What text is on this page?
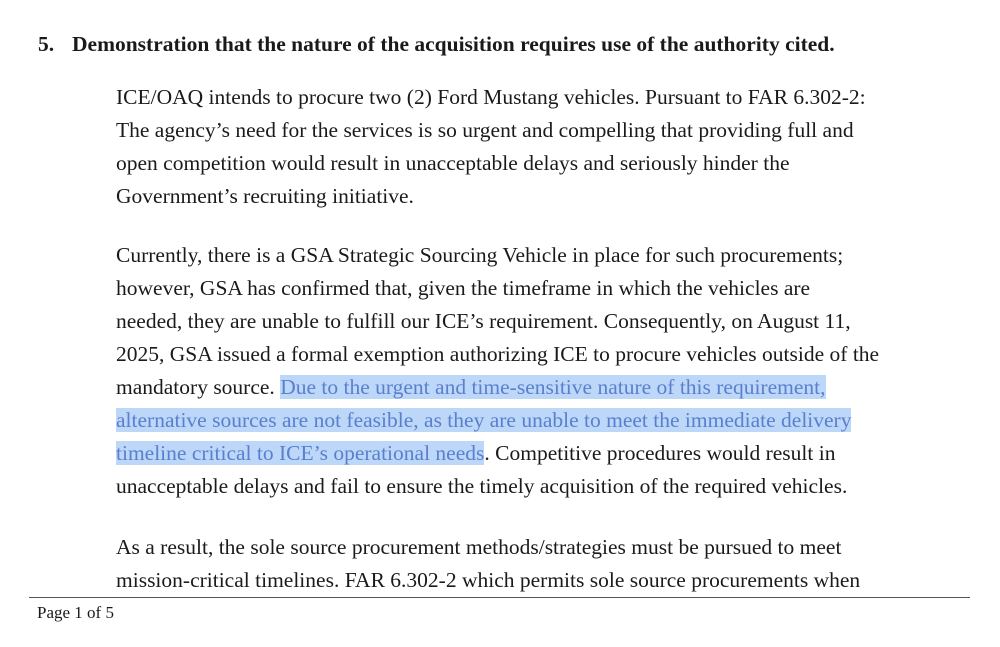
5. Demonstration that the nature of the acquisition requires use of the authority cited.

ICE/OAQ intends to procure two (2) Ford Mustang vehicles. Pursuant to FAR 6.302-2:
The agency’s need for the services is so urgent and compelling that providing full and
open competition would result in unacceptable delays and seriously hinder the
Government’s recruiting initiative.

Currently, there is a GSA Strategic Sourcing Vehicle in place for such procurements;
however, GSA has confirmed that, given the timeframe in which the vehicles are
needed, they are unable to fulfill our ICE’s requirement. Consequently, on August 11,
2025, GSA issued a formal exemption authorizing ICE to procure vehicles outside of the
mandatory source. Due to the urgent and time-sensitive nature of this requirement,
alternative sources are not feasible, as they are unable to meet the immediate delivery
timeline critical to ICE’s operational needs. Competitive procedures would result in
unacceptable delays and fail to ensure the timely acquisition of the required vehicles.

As a result, the sole source procurement methods/strategies must be pursued to meet
mission-critical timelines. FAR 6.302-2 which permits sole source procurements when

Page 1 of 5
